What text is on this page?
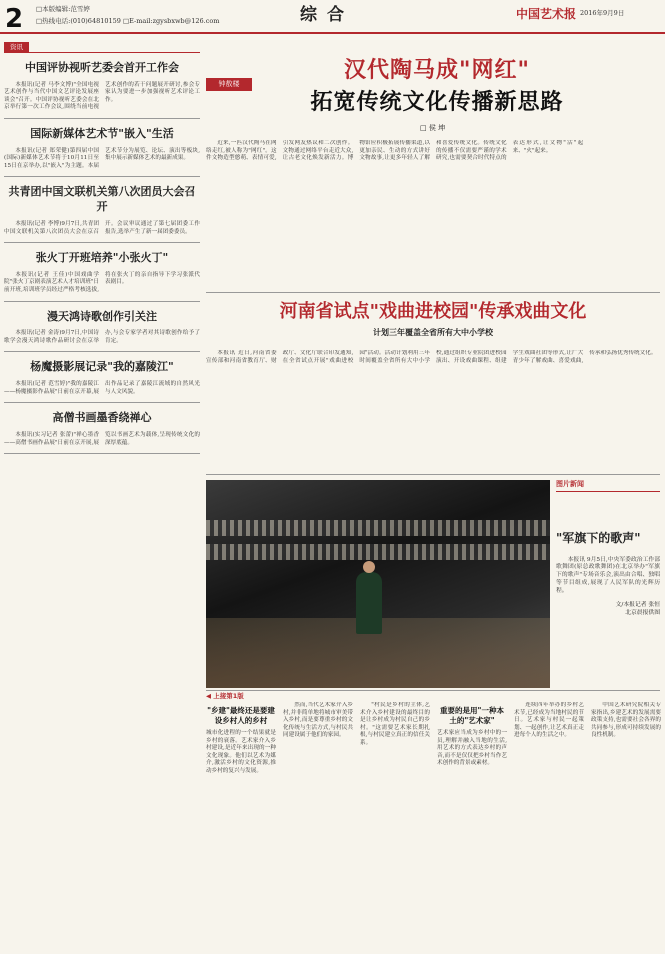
2 □本版编辑:范雪婷
□热线电话:(010)64810159 □E-mail:zgysbxwb@126.com	综合	中国艺术报 2016年9月9日
资讯
中国评协视听艺委会首开工作会

本报讯(记者 马李文博)"全国电视艺术创作与当代中国文艺评论发展座谈会"召开。中国评协视听艺委会在北京举行第一次工作会议,围绕当前电视艺术创作的若干问题展开研讨,参会专家认为要进一步加强视听艺术评论工作。

国际新媒体艺术节"嵌入"生活

本报讯(记者 郑荣健)第四届中国(国际)新媒体艺术节将于10月11日至15日在京举办,以"嵌入"为主题。本届艺术节分为展览、论坛、演出等板块,集中展示新媒体艺术的最新成果。

共青团中国文联机关第八次团员大会召开

本报讯(记者 李博)9月7日,共青团中国文联机关第八次团员大会在京召开。会议审议通过了第七届团委工作报告,选举产生了新一届团委委员。

张火丁开班培养"小张火丁"

本报讯(记者 王佳)中国戏曲学院"张火丁京剧表演艺术人才培训班"日前开班,培训班学员经过严格考核选拔,将在张火丁的亲自指导下学习张派代表剧目。

漫天鸿诗歌创作引关注

本报讯(记者 金涛)9月7日,中国诗歌学会漫天鸿诗歌作品研讨会在京举办,与会专家学者对其诗歌创作给予了肯定。

杨魔摄影展记录"我的嘉陵江"

本报讯(记者 范雪婷)"我的嘉陵江——杨魔摄影作品展"日前在京开幕,展出作品记录了嘉陵江流域的自然风光与人文风貌。

高僧书画墨香绕禅心

本报讯(实习记者 张蕾)"禅心墨香——高僧书画作品展"日前在京开展,展览以书画艺术为载体,呈现传统文化的深厚底蕴。

汉代陶马成"网红"
拓宽传统文化传播新思路
钟敖楼
□ 侯 坤
近来,一匹汉代陶马在网络走红,被人称为"网红"。这件文物造型憨萌、表情可爱,引发网友热议和二次创作。文物通过网络平台走近大众,让古老文化焕发新活力。博物馆应积极拓展传播渠道,以更加亲民、生动的方式讲好文物故事,让更多年轻人了解和喜爱传统文化。传统文化的传播不仅需要严谨的学术研究,也需要契合时代特点的表达形式,让文物"活"起来、"火"起来。
河南省试点"戏曲进校园"传承戏曲文化
计划三年覆盖全省所有大中小学校
本报讯 近日,河南省委宣传部和河南省教育厅、财政厅、文化厅联合印发通知,在全省试点开展"戏曲进校园"活动。活动计划利用三年时间覆盖全省所有大中小学校,通过组织专业院团进校园演出、开设戏曲课程、组建学生戏曲社团等形式,让广大青少年了解戏曲、喜爱戏曲,传承和弘扬优秀传统文化。
图片新闻
"军旗下的歌声"
本报讯 9月5日,中央军委政治工作部歌舞团(原总政歌舞团)在北京举办"军旗下的歌声"专场音乐会,演出由合唱、独唱等节目组成,展现了人民军队的光辉历程。
文/本报记者 张恒
北京晨报供图
◀ 上接第1版
"乡建"最终还是要建设乡村人的乡村
城市化进程的一个结果就是乡村的衰落。艺术家介入乡村建设,是近年来出现的一种文化现象。他们以艺术为媒介,激活乡村的文化资源,推动乡村的复兴与发展。
然而,当代艺术家介入乡村,并非简单地将城市审美带入乡村,而是要尊重乡村的文化传统与生活方式,与村民共同建设属于他们的家园。
"村民是乡村的主体,艺术介入乡村建设的最终目的是让乡村成为村民自己的乡村。"这需要艺术家长期扎根,与村民建立真正的信任关系。
重要的是用"一种本土的"艺术家"
艺术家应当成为乡村中的一员,理解并融入当地的生活,用艺术的方式表达乡村的声音,而不是仅仅把乡村当作艺术创作的背景或素材。
连续四年举办的乡村艺术节,已经成为当地村民的节日。艺术家与村民一起策划、一起创作,让艺术真正走进每个人的生活之中。
中国艺术研究院相关专家指出,乡建艺术的发展需要政策支持,也需要社会各界的共同参与,形成可持续发展的良性机制。
